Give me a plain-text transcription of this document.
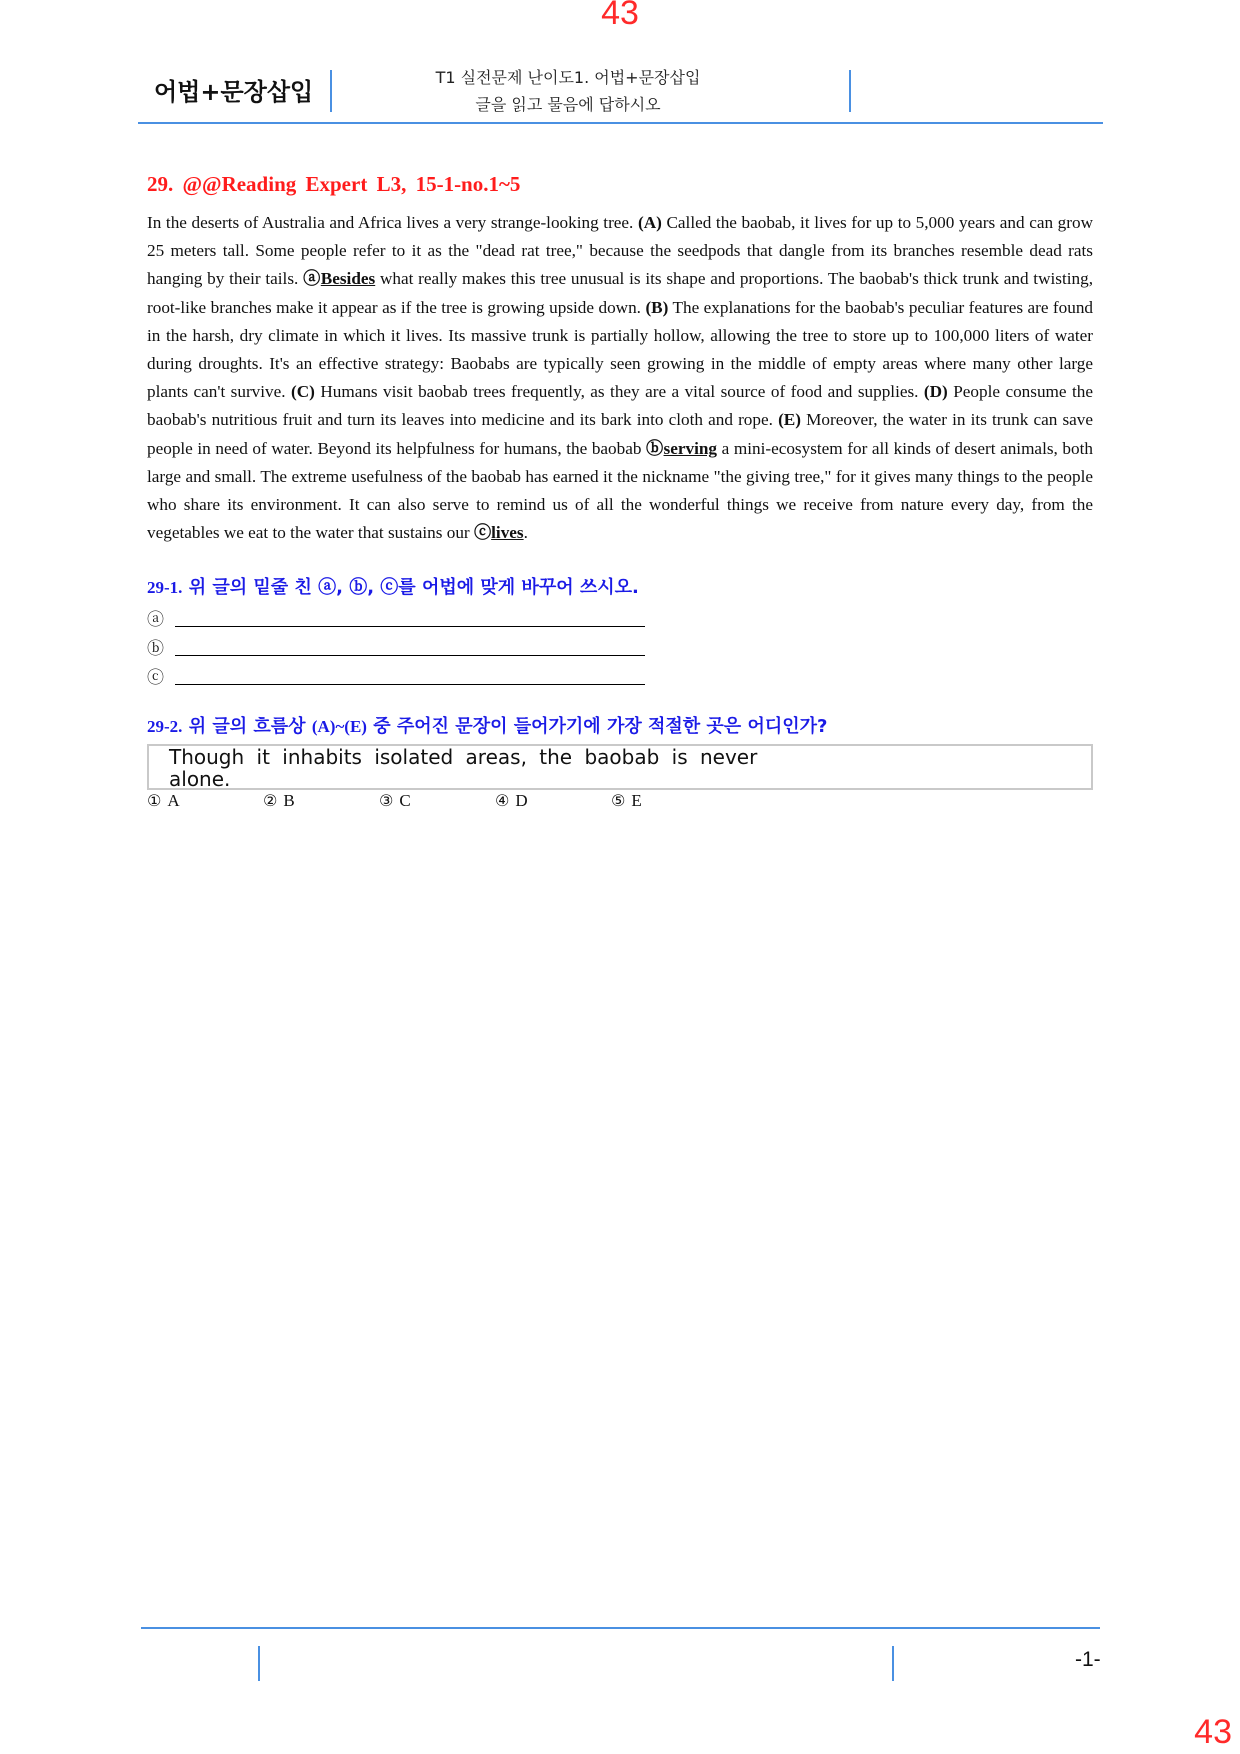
43
어법+문장삽입
T1 실전문제 난이도1. 어법+문장삽입
글을 읽고 물음에 답하시오
29. @@Reading Expert L3, 15-1-no.1~5

In the deserts of Australia and Africa lives a very strange-looking tree. (A) Called the baobab, it lives for up to 5,000 years and can grow 25 meters tall. Some people refer to it as the "dead rat tree," because the seedpods that dangle from its branches resemble dead rats hanging by their tails. ⓐBesides what really makes this tree unusual is its shape and proportions. The baobab's thick trunk and twisting, root-like branches make it appear as if the tree is growing upside down. (B) The explanations for the baobab's peculiar features are found in the harsh, dry climate in which it lives. Its massive trunk is partially hollow, allowing the tree to store up to 100,000 liters of water during droughts. It's an effective strategy: Baobabs are typically seen growing in the middle of empty areas where many other large plants can't survive. (C) Humans visit baobab trees frequently, as they are a vital source of food and supplies. (D) People consume the baobab's nutritious fruit and turn its leaves into medicine and its bark into cloth and rope. (E) Moreover, the water in its trunk can save people in need of water. Beyond its helpfulness for humans, the baobab ⓑserving a mini-ecosystem for all kinds of desert animals, both large and small. The extreme usefulness of the baobab has earned it the nickname "the giving tree," for it gives many things to the people who share its environment. It can also serve to remind us of all the wonderful things we receive from nature every day, from the vegetables we eat to the water that sustains our ⓒlives.

29-1. 위 글의 밑줄 친 ⓐ, ⓑ, ⓒ를 어법에 맞게 바꾸어 쓰시오.

ⓐ
ⓑ
ⓒ

29-2. 위 글의 흐름상 (A)~(E) 중 주어진 문장이 들어가기에 가장 적절한 곳은 어디인가?

Though it inhabits isolated areas, the baobab is never
alone.
① A	② B	③ C	④ D	⑤ E
-1-
43
